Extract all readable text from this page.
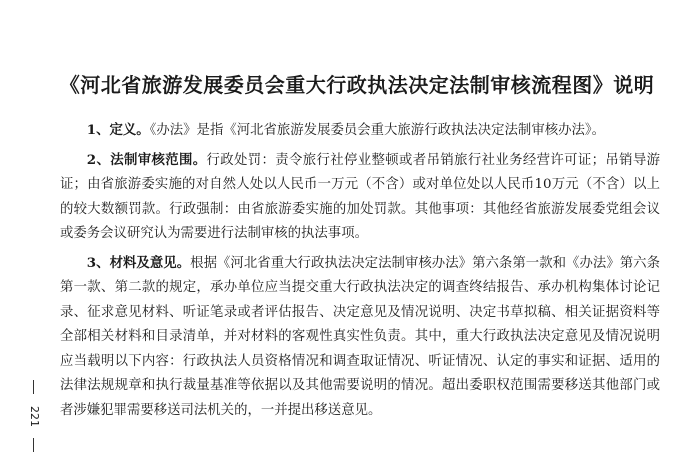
《河北省旅游发展委员会重大行政执法决定法制审核流程图》说明

1、定义。《办法》是指《河北省旅游发展委员会重大旅游行政执法决定法制审核办法》。

2、法制审核范围。行政处罚：责令旅行社停业整顿或者吊销旅行社业务经营许可证；吊销导游证；由省旅游委实施的对自然人处以人民币一万元（不含）或对单位处以人民币10万元（不含）以上的较大数额罚款。行政强制：由省旅游委实施的加处罚款。其他事项：其他经省旅游发展委党组会议或委务会议研究认为需要进行法制审核的执法事项。

3、材料及意见。根据《河北省重大行政执法决定法制审核办法》第六条第一款和《办法》第六条第一款、第二款的规定，承办单位应当提交重大行政执法决定的调查终结报告、承办机构集体讨论记录、征求意见材料、听证笔录或者评估报告、决定意见及情况说明、决定书草拟稿、相关证据资料等全部相关材料和目录清单，并对材料的客观性真实性负责。其中，重大行政执法决定意见及情况说明应当载明以下内容：行政执法人员资格情况和调查取证情况、听证情况、认定的事实和证据、适用的法律法规规章和执行裁量基准等依据以及其他需要说明的情况。超出委职权范围需要移送其他部门或者涉嫌犯罪需要移送司法机关的，一并提出移送意见。

221
